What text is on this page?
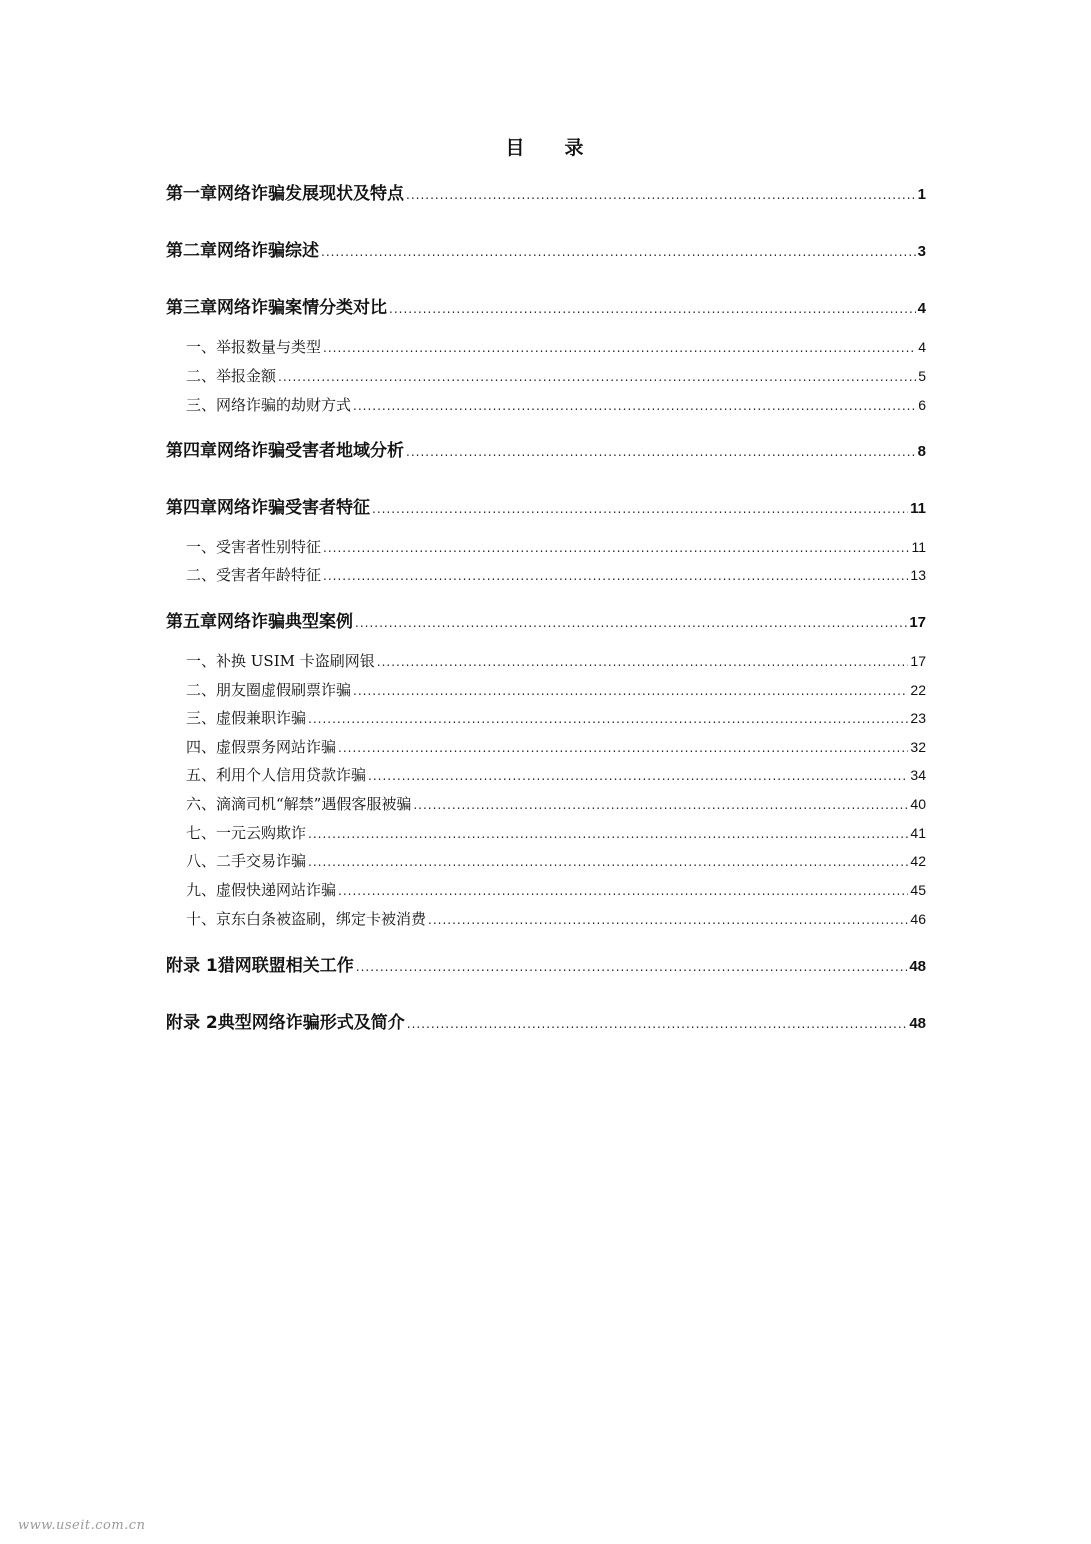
目 录
第一章 网络诈骗发展现状及特点 .....	1
第二章 网络诈骗综述 .....	3
第三章 网络诈骗案情分类对比 .....	4
一、举报数量与类型 .....	4
二、举报金额 .....	5
三、网络诈骗的劫财方式 .....	6
第四章 网络诈骗受害者地域分析 .....	8
第四章 网络诈骗受害者特征 .....	11
一、 受害者性别特征 .....	11
二、 受害者年龄特征 .....	13
第五章 网络诈骗典型案例 .....	17
一、 补换 USIM 卡盗刷网银 .....	17
二、 朋友圈虚假刷票诈骗 .....	22
三、 虚假兼职诈骗 .....	23
四、 虚假票务网站诈骗 .....	32
五、 利用个人信用贷款诈骗 .....	34
六、 滴滴司机“解禁”遇假客服被骗 .....	40
七、 一元云购欺诈 .....	41
八、 二手交易诈骗 .....	42
九、 虚假快递网站诈骗 .....	45
十、 京东白条被盗刷，绑定卡被消费 .....	46
附录 1 猎网联盟相关工作 .....	48
附录 2 典型网络诈骗形式及简介 .....	48
www.useit.com.cn
